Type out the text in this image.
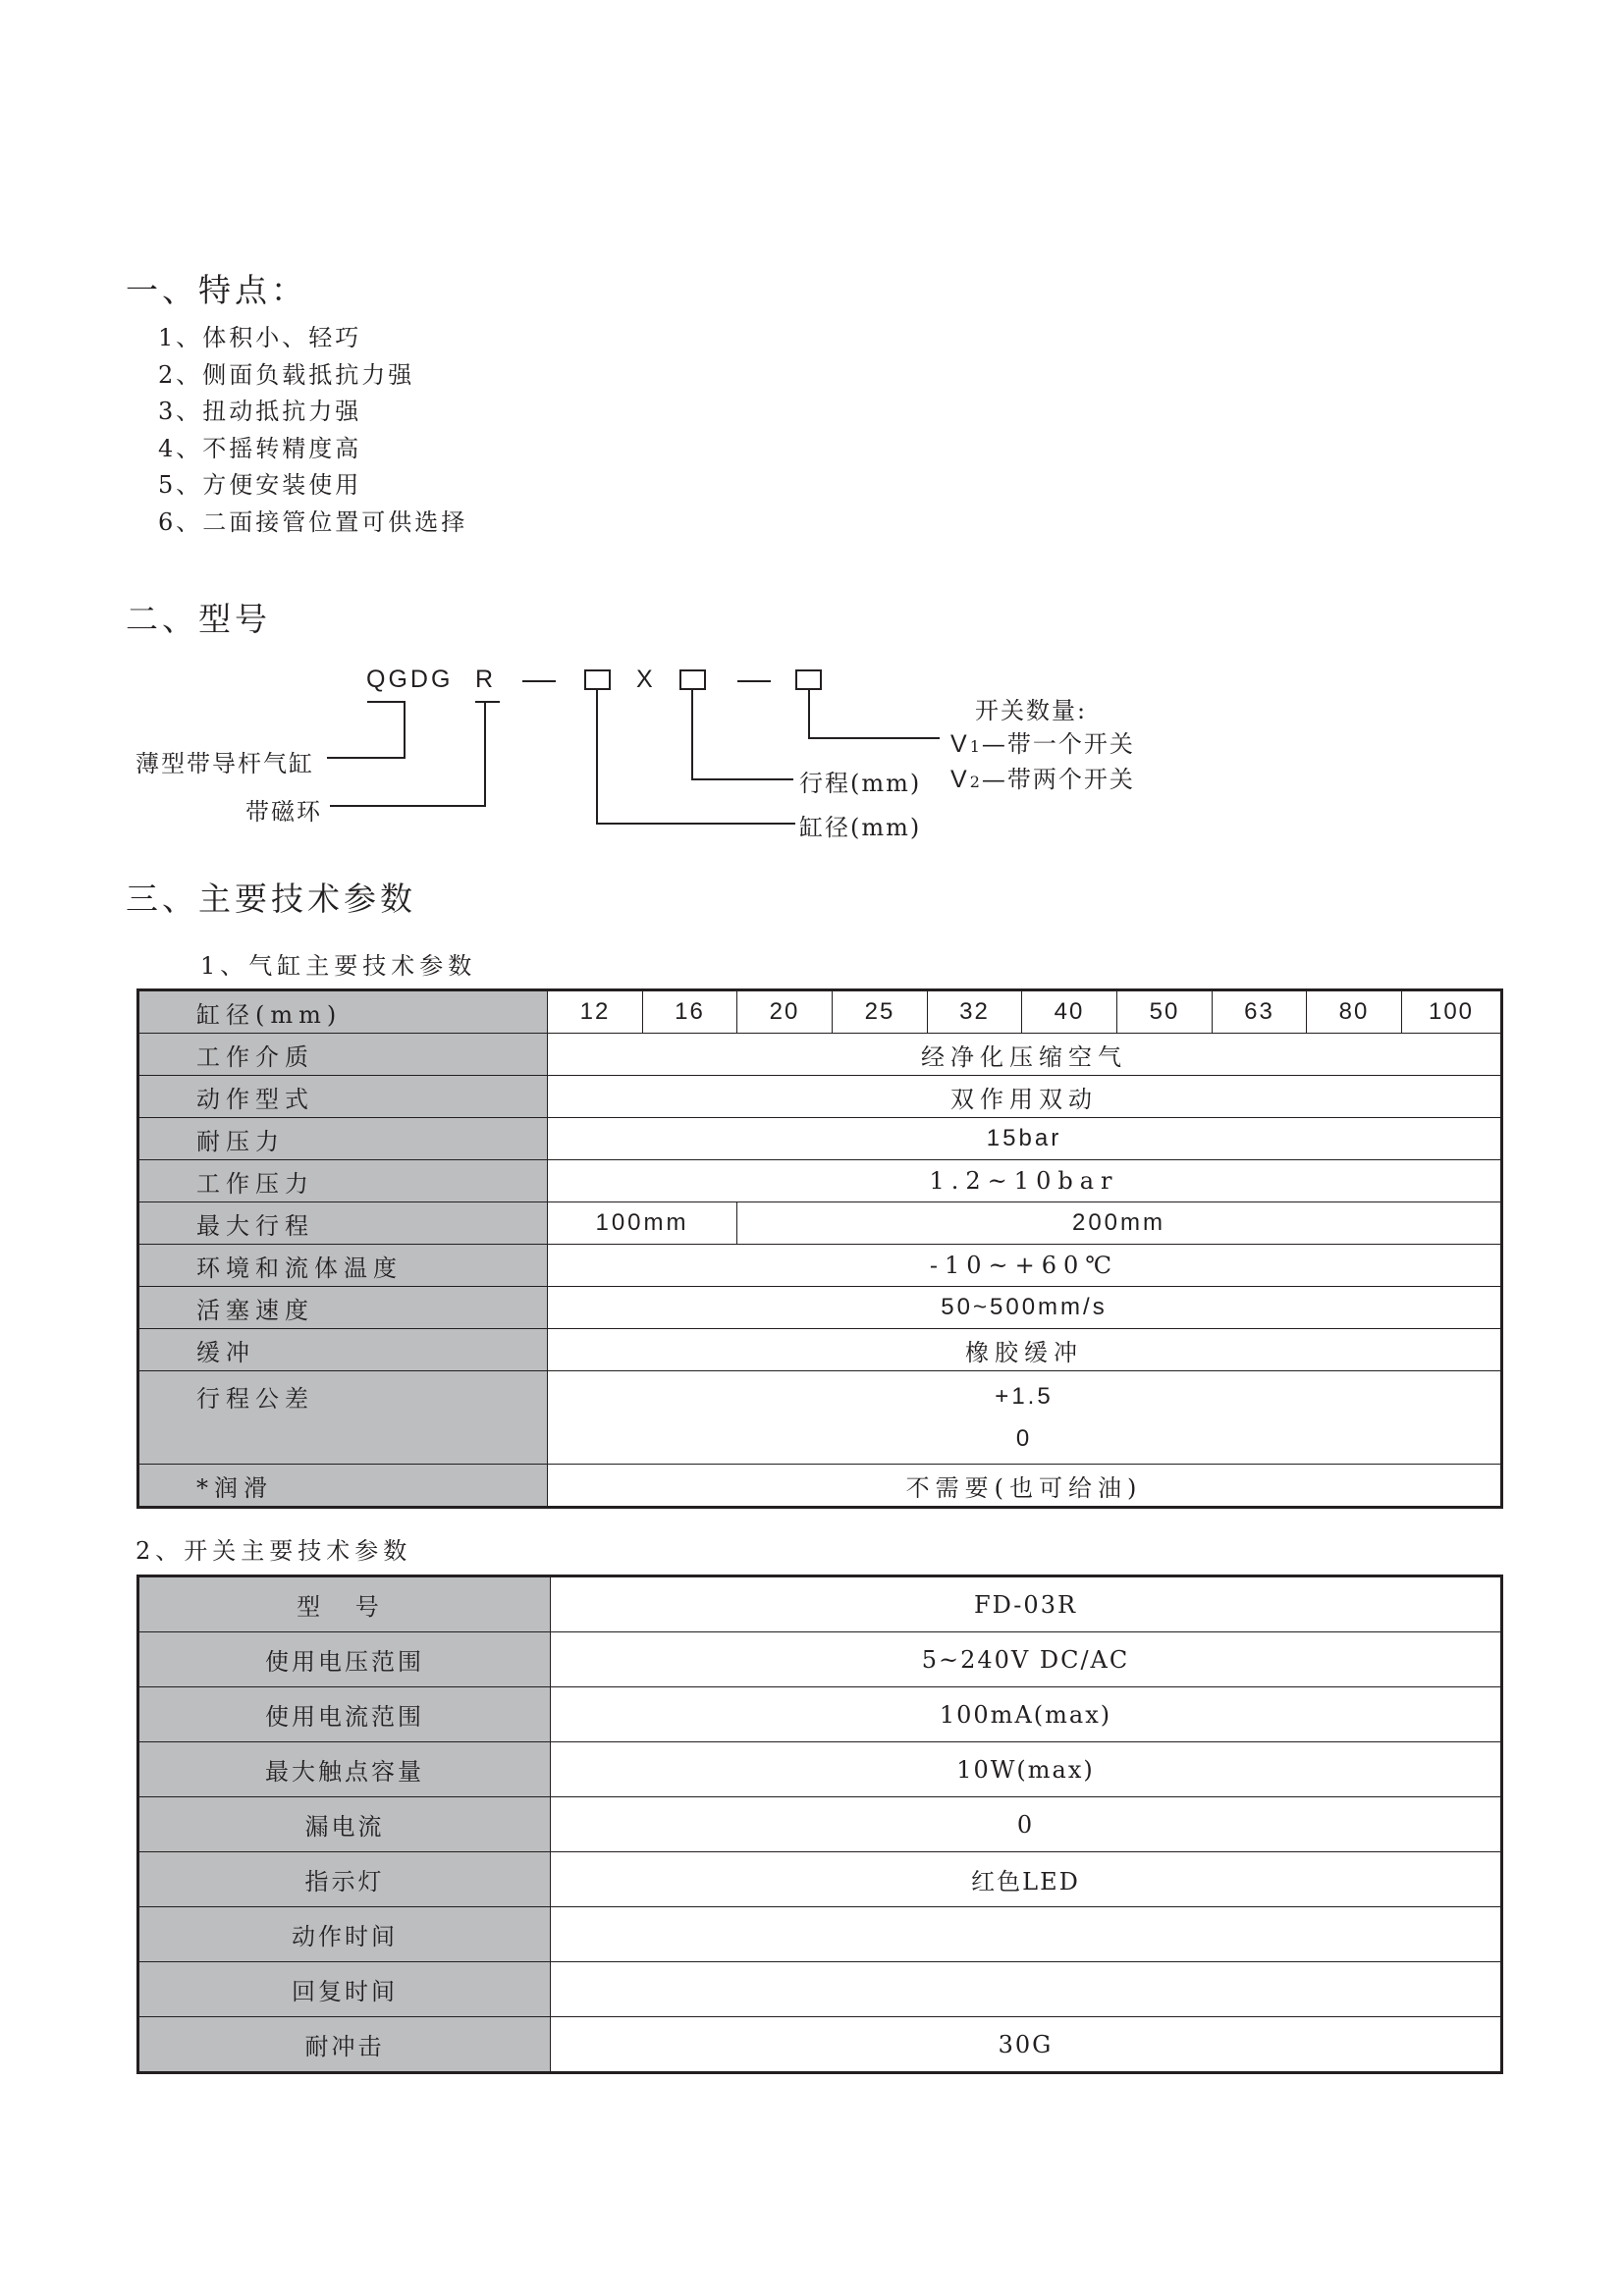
一、特点：
1、体积小、轻巧
2、侧面负载抵抗力强
3、扭动抵抗力强
4、不摇转精度高
5、方便安装使用
6、二面接管位置可供选择
二、型号
QGDG R	X
薄型带导杆气缸
带磁环
行程(mm)
缸径(mm)
开关数量:
V1—带一个开关
V2—带两个开关
三、主要技术参数
1、气缸主要技术参数
缸径(mm)	12	16	20	25	32	40	50	63	80	100
工作介质	经净化压缩空气									
动作型式	双作用双动									
耐压力	15bar									
工作压力	1.2~10bar									
最大行程	100mm		200mm							
环境和流体温度	-10~+60℃									
活塞速度	50~500mm/s									
缓冲	橡胶缓冲									
行程公差	+1.5
0									

*润滑	不需要(也可给油)									
2、开关主要技术参数
型 号	FD-03R
使用电压范围	5~240V DC/AC
使用电流范围	100mA(max)
最大触点容量	10W(max)
漏电流	0
指示灯	红色LED
动作时间	
回复时间	
耐冲击	30G
